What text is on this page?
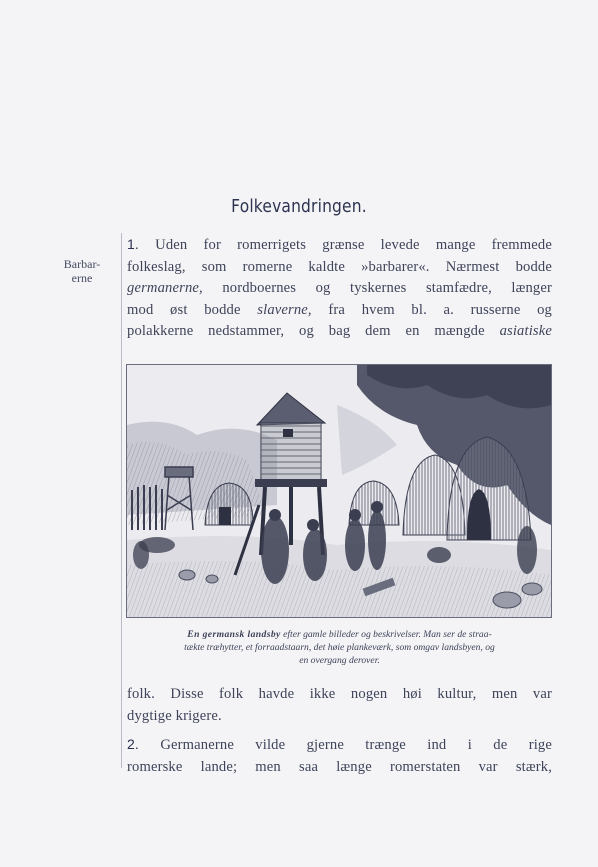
Folkevandringen.
Barbar-
erne
1. Uden for romerrigets grænse levede mange fremmede
folkeslag, som romerne kaldte »barbarer«. Nærmest bodde
germanerne, nordboernes og tyskernes stamfædre, længer
mod øst bodde slaverne, fra hvem bl. a. russerne og
polakkerne nedstammer, og bag dem en mængde asiatiske
En germansk landsby efter gamle billeder og beskrivelser. Man ser de straa-
tækte træhytter, et forraadstaarn, det høie plankeværk, som omgav landsbyen, og
en overgang derover.
folk. Disse folk havde ikke nogen høi kultur, men var
dygtige krigere.
2. Germanerne vilde gjerne trænge ind i de rige
romerske lande; men saa længe romerstaten var stærk,
